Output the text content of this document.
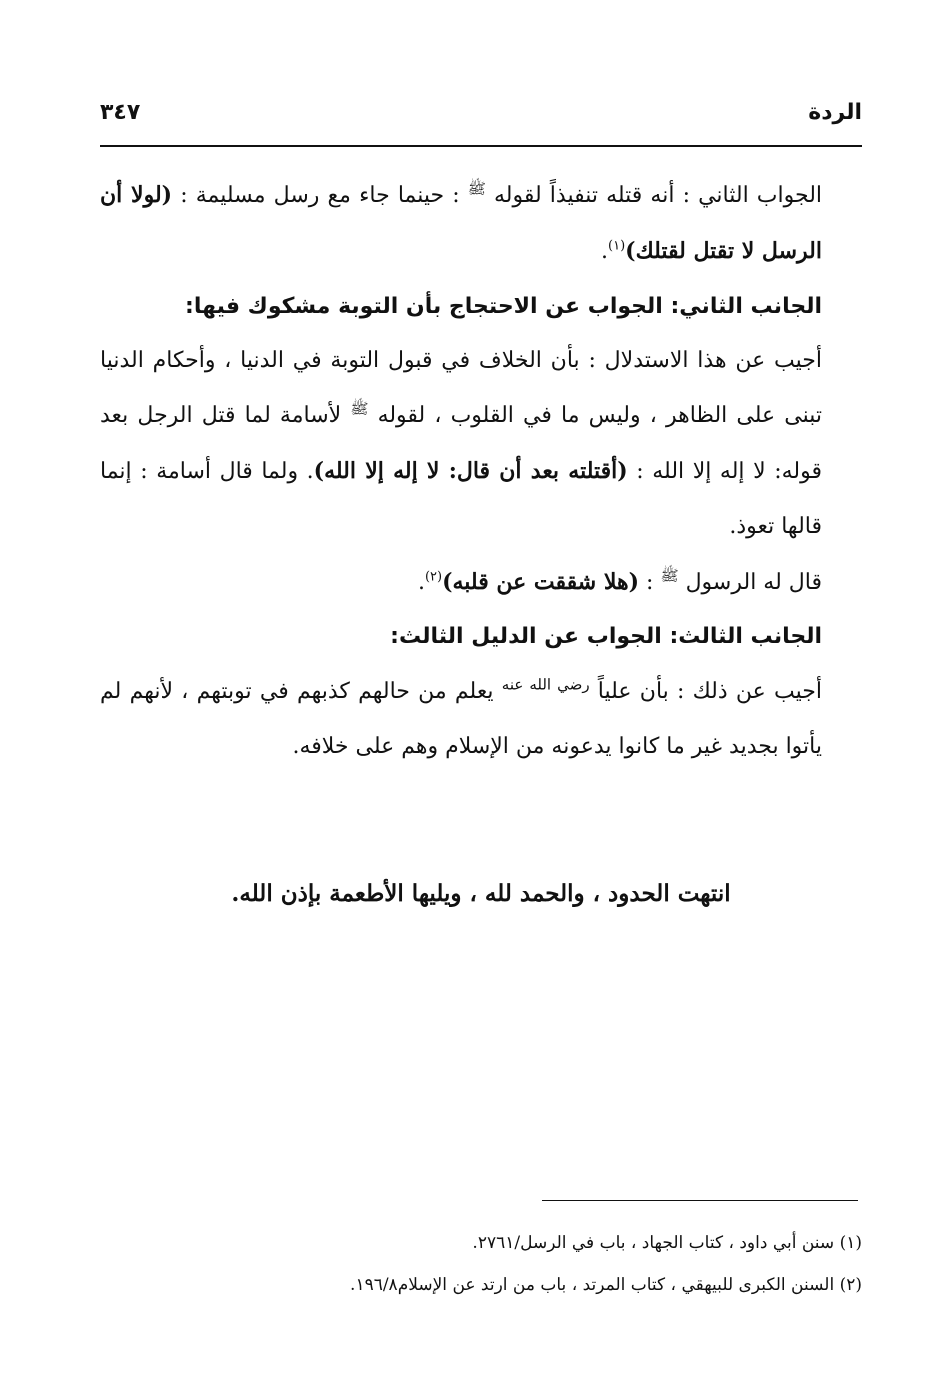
الردة
٣٤٧

الجواب الثاني : أنه قتله تنفيذاً لقوله $^ﷺ$ : حينما جاء مع رسل مسليمة : (لولا أن الرسل لا تقتل لقتلك)$^{(١)}$.

الجانب الثاني: الجواب عن الاحتجاج بأن التوبة مشكوك فيها:

أجيب عن هذا الاستدلال : بأن الخلاف في قبول التوبة في الدنيا ، وأحكام الدنيا تبنى على الظاهر ، وليس ما في القلوب ، لقوله $^ﷺ$ لأسامة لما قتل الرجل بعد قوله: لا إله إلا الله : (أقتلته بعد أن قال: لا إله إلا الله). ولما قال أسامة : إنما قالها تعوذ.

قال له الرسول $^ﷺ$ : (هلا شققت عن قلبه)$^{(٢)}$.

الجانب الثالث: الجواب عن الدليل الثالث:

أجيب عن ذلك : بأن علياً $^{رضي الله عنه}$ يعلم من حالهم كذبهم في توبتهم ، لأنهم لم يأتوا بجديد غير ما كانوا يدعونه من الإسلام وهم على خلافه.

انتهت الحدود ، والحمد لله ، ويليها الأطعمة بإذن الله.

(١) سنن أبي داود ، كتاب الجهاد ، باب في الرسل/٢٧٦١.

(٢) السنن الكبرى للبيهقي ، كتاب المرتد ، باب من ارتد عن الإسلام١٩٦/٨.
